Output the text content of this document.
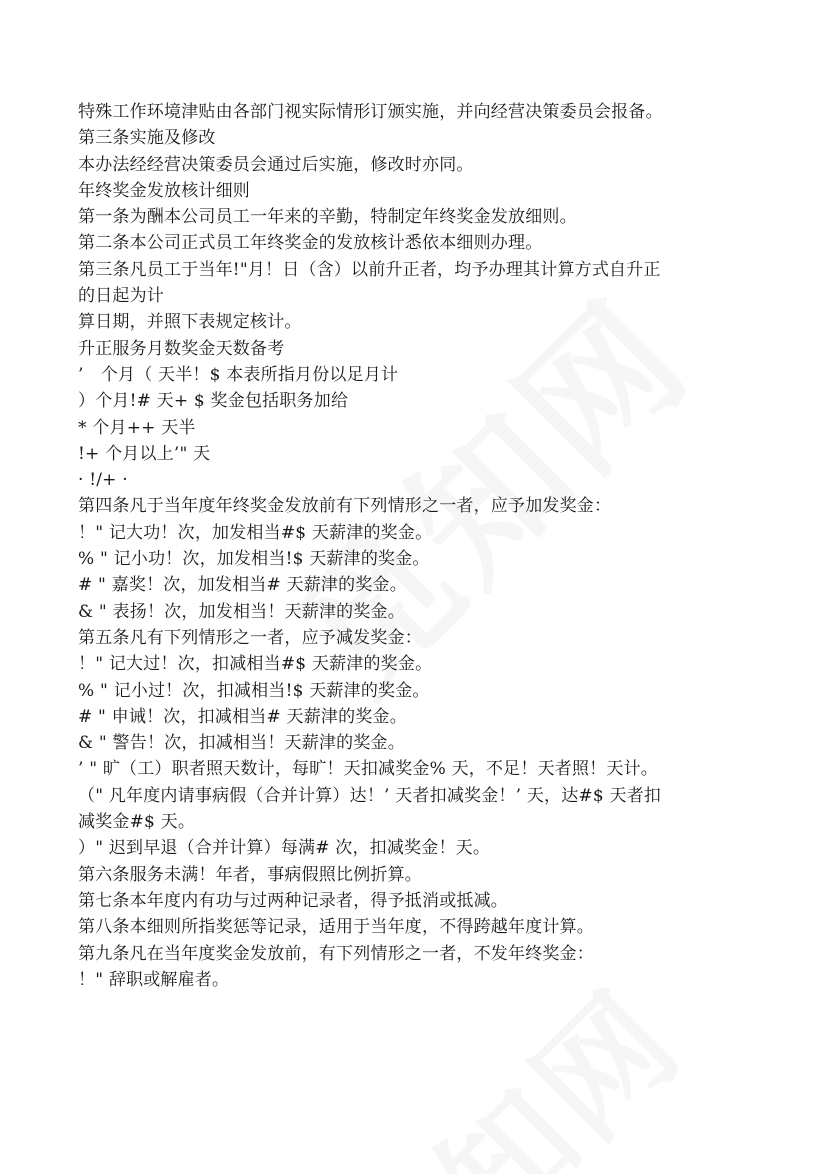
特殊工作环境津贴由各部门视实际情形订颁实施，并向经营决策委员会报备。
第三条实施及修改
本办法经经营决策委员会通过后实施，修改时亦同。
年终奖金发放核计细则
第一条为酬本公司员工一年来的辛勤，特制定年终奖金发放细则。
第二条本公司正式员工年终奖金的发放核计悉依本细则办理。
第三条凡员工于当年!"月！日（含）以前升正者，均予办理其计算方式自升正
的日起为计
算日期，并照下表规定核计。
升正服务月数奖金天数备考
’　个月（ 天半！$ 本表所指月份以足月计
）个月!# 天+ $ 奖金包括职务加给
* 个月++ 天半
!+ 个月以上’" 天
· !/+ ·
第四条凡于当年度年终奖金发放前有下列情形之一者，应予加发奖金：
！" 记大功！次，加发相当#$ 天薪津的奖金。
% " 记小功！次，加发相当!$ 天薪津的奖金。
# " 嘉奖！次，加发相当# 天薪津的奖金。
& " 表扬！次，加发相当！天薪津的奖金。
第五条凡有下列情形之一者，应予减发奖金：
！" 记大过！次，扣减相当#$ 天薪津的奖金。
% " 记小过！次，扣减相当!$ 天薪津的奖金。
# " 申诫！次，扣减相当# 天薪津的奖金。
& " 警告！次，扣减相当！天薪津的奖金。
’ " 旷（工）职者照天数计，每旷！天扣减奖金% 天，不足！天者照！天计。
（" 凡年度内请事病假（合并计算）达！’ 天者扣减奖金！’ 天，达#$ 天者扣
减奖金#$ 天。
）" 迟到早退（合并计算）每满# 次，扣减奖金！天。
第六条服务未满！年者，事病假照比例折算。
第七条本年度内有功与过两种记录者，得予抵消或抵减。
第八条本细则所指奖惩等记录，适用于当年度，不得跨越年度计算。
第九条凡在当年度奖金发放前，有下列情形之一者，不发年终奖金：
！" 辞职或解雇者。
